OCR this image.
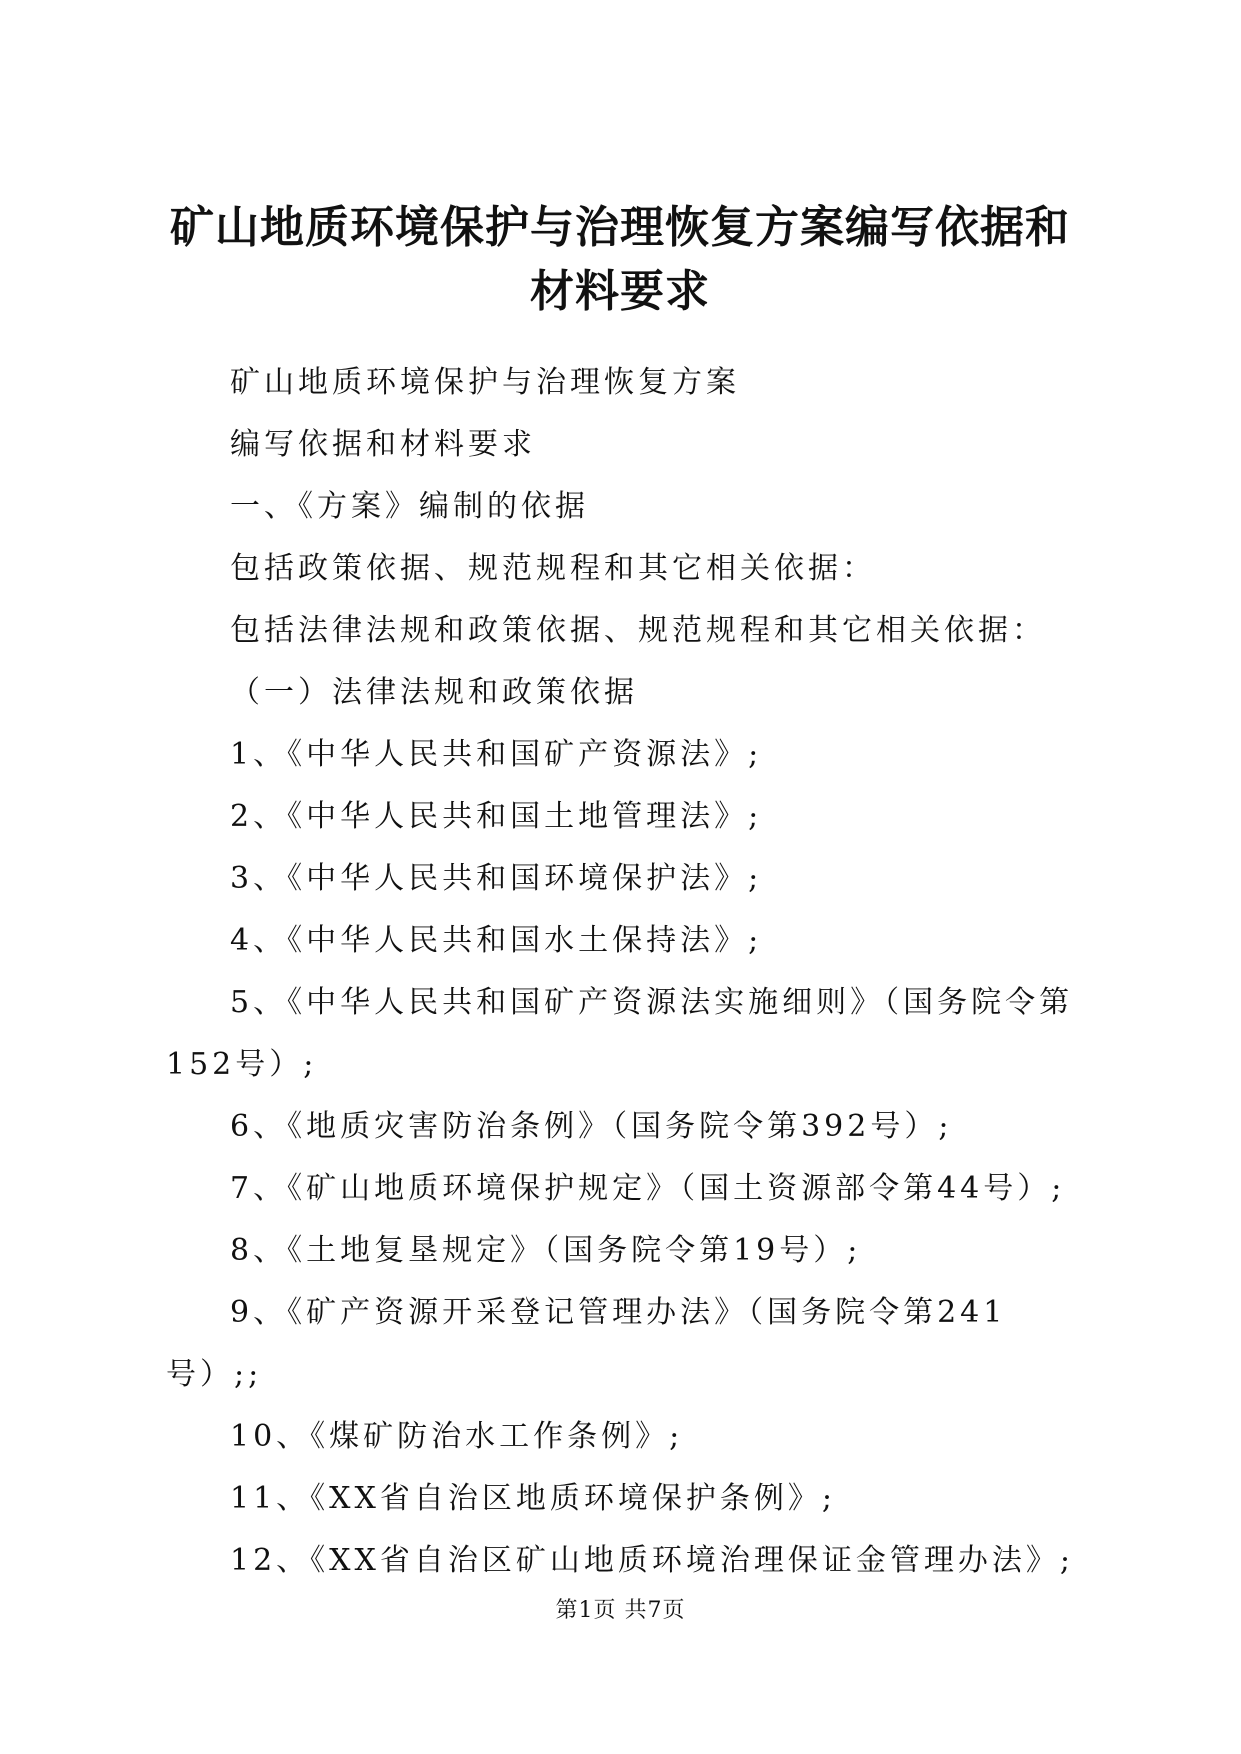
矿山地质环境保护与治理恢复方案编写依据和
材料要求

矿山地质环境保护与治理恢复方案

编写依据和材料要求

一、《方案》编制的依据

包括政策依据、规范规程和其它相关依据：

包括法律法规和政策依据、规范规程和其它相关依据：

（一）法律法规和政策依据

1、《中华人民共和国矿产资源法》;

2、《中华人民共和国土地管理法》;

3、《中华人民共和国环境保护法》;

4、《中华人民共和国水土保持法》;

5、《中华人民共和国矿产资源法实施细则》（国务院令第152号）;

6、《地质灾害防治条例》（国务院令第392号）;

7、《矿山地质环境保护规定》（国土资源部令第44号）;

8、《土地复垦规定》（国务院令第19号）;

9、《矿产资源开采登记管理办法》（国务院令第241号）;;

10、《煤矿防治水工作条例》;

11、《XX省自治区地质环境保护条例》;

12、《XX省自治区矿山地质环境治理保证金管理办法》;

第1页 共7页
